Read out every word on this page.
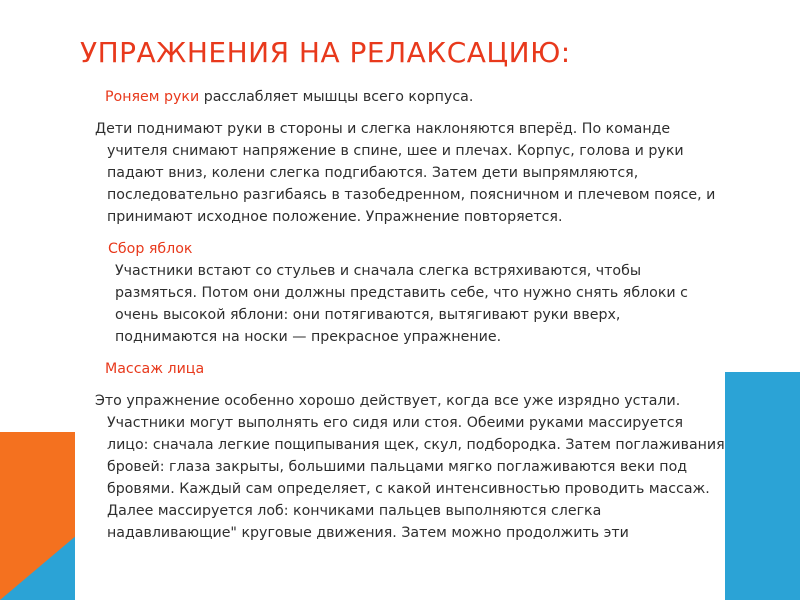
УПРАЖНЕНИЯ НА РЕЛАКСАЦИЮ:

Роняем руки расслабляет мышцы всего корпуса.

Дети поднимают руки в стороны и слегка наклоняются вперёд. По команде учителя снимают напряжение в спине, шее и плечах. Корпус, голова и руки падают вниз, колени слегка подгибаются. Затем дети выпрямляются, последовательно разгибаясь в тазобедренном, поясничном и плечевом поясе, и принимают исходное положение. Упражнение повторяется.

Сбор яблок
Участники встают со стульев и сначала слегка встряхиваются, чтобы размяться. Потом они должны представить себе, что нужно снять яблоки с очень высокой яблони: они потягиваются, вытягивают руки вверх, поднимаются на носки — прекрасное упражнение.

Массаж лица

Это упражнение особенно хорошо действует, когда все уже изрядно устали. Участники могут выполнять его сидя или стоя. Обеими руками массируется лицо: сначала легкие пощипывания щек, скул, подбородка. Затем поглаживания бровей: глаза закрыты, большими пальцами мягко поглаживаются веки под бровями. Каждый сам определяет, с какой интенсивностью проводить массаж. Далее массируется лоб: кончиками пальцев выполняются слегка надавливающие" круговые движения. Затем можно продолжить эти
